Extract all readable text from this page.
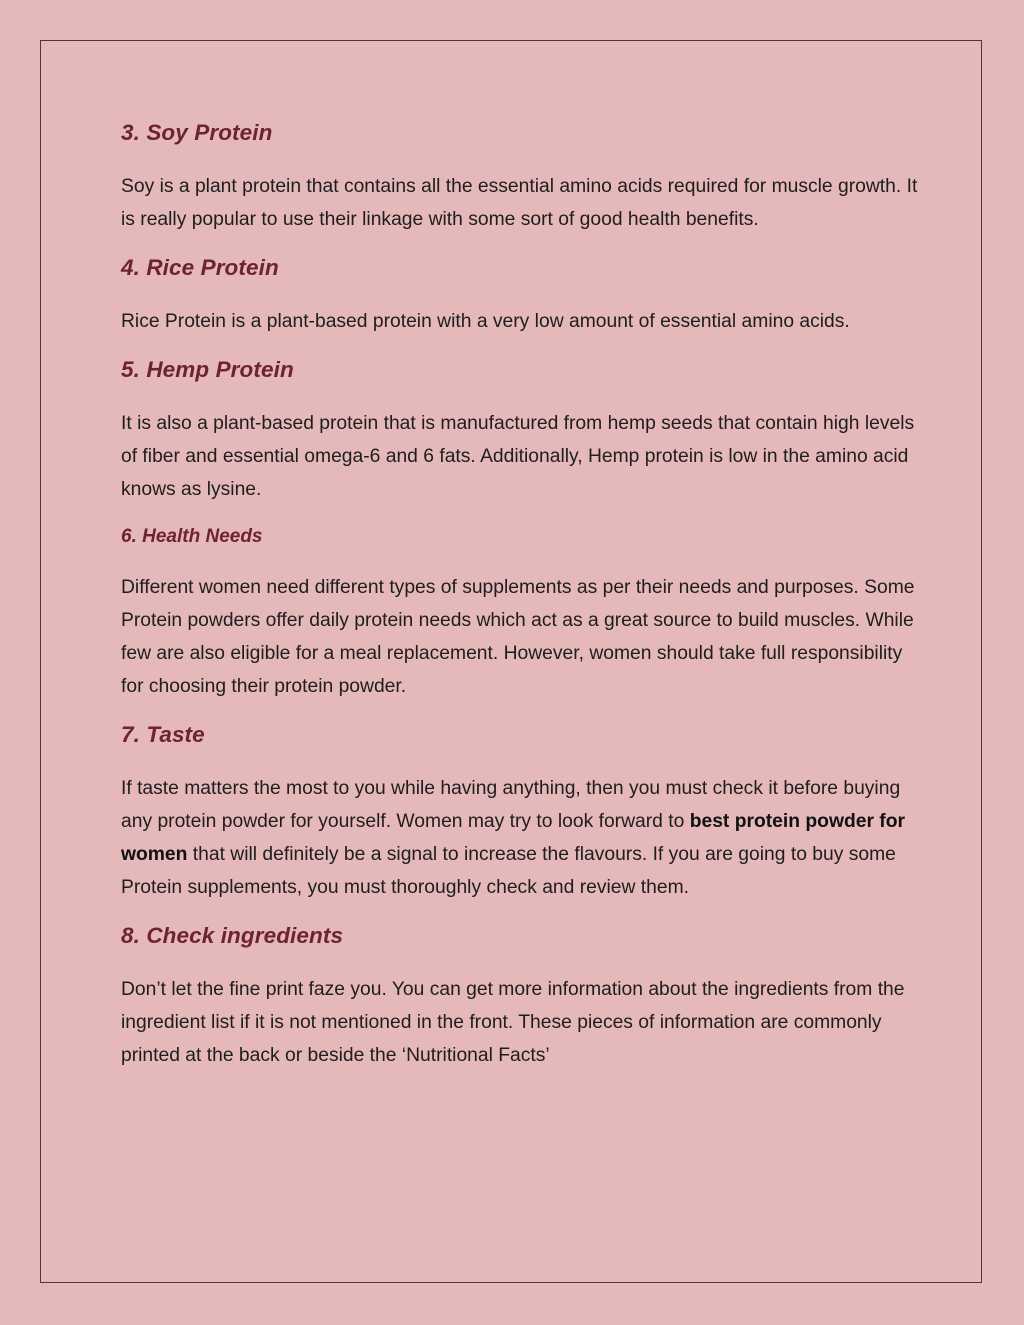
3. Soy Protein

Soy is a plant protein that contains all the essential amino acids required for muscle growth. It is really popular to use their linkage with some sort of good health benefits.

4. Rice Protein

Rice Protein is a plant-based protein with a very low amount of essential amino acids.

5. Hemp Protein

It is also a plant-based protein that is manufactured from hemp seeds that contain high levels of fiber and essential omega-6 and 6 fats. Additionally, Hemp protein is low in the amino acid knows as lysine.

6. Health Needs

Different women need different types of supplements as per their needs and purposes. Some Protein powders offer daily protein needs which act as a great source to build muscles. While few are also eligible for a meal replacement. However, women should take full responsibility for choosing their protein powder.

7. Taste

If taste matters the most to you while having anything, then you must check it before buying any protein powder for yourself. Women may try to look forward to best protein powder for women that will definitely be a signal to increase the flavours. If you are going to buy some Protein supplements, you must thoroughly check and review them.

8. Check ingredients

Don’t let the fine print faze you. You can get more information about the ingredients from the ingredient list if it is not mentioned in the front. These pieces of information are commonly printed at the back or beside the ‘Nutritional Facts’
